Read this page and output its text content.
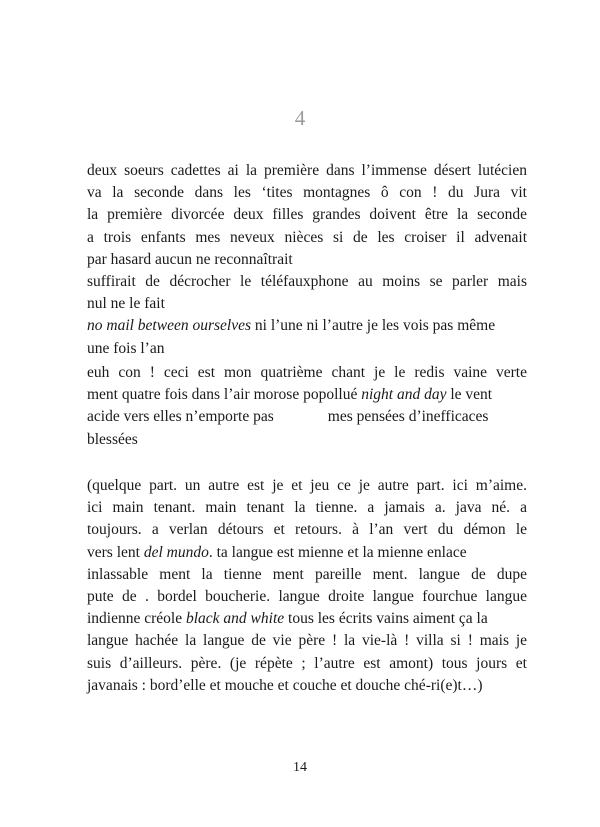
4
deux soeurs cadettes ai la première dans l’immense désert lutécien
va la seconde dans les ‘tites montagnes ô con ! du Jura vit
la première divorcée deux filles grandes doivent être la seconde
a trois enfants mes neveux nièces si de les croiser il advenait
par hasard aucun ne reconnaîtrait
suffirait de décrocher le téléfauxphone au moins se parler mais
nul ne le fait
no mail between ourselves ni l’une ni l’autre je les vois pas même
une fois l’an
euh con ! ceci est mon quatrième chant je le redis vaine verte
ment quatre fois dans l’air morose popollué night and day le vent
acide vers elles n’emporte pas	mes pensées d’inefficaces
blessées
(quelque part. un autre est je et jeu ce je autre part. ici m’aime.
ici main tenant. main tenant la tienne. a jamais a. java né. a
toujours. a verlan détours et retours. à l’an vert du démon le
vers lent del mundo. ta langue est mienne et la mienne enlace
inlassable ment la tienne ment pareille ment. langue de dupe
pute de . bordel boucherie. langue droite langue fourchue langue
indienne créole black and white tous les écrits vains aiment ça la
langue hachée la langue de vie père ! la vie-là ! villa si ! mais je
suis d’ailleurs. père. (je répète ; l’autre est amont) tous jours et
javanais : bord’elle et mouche et couche et douche ché-ri(e)t…)
14
